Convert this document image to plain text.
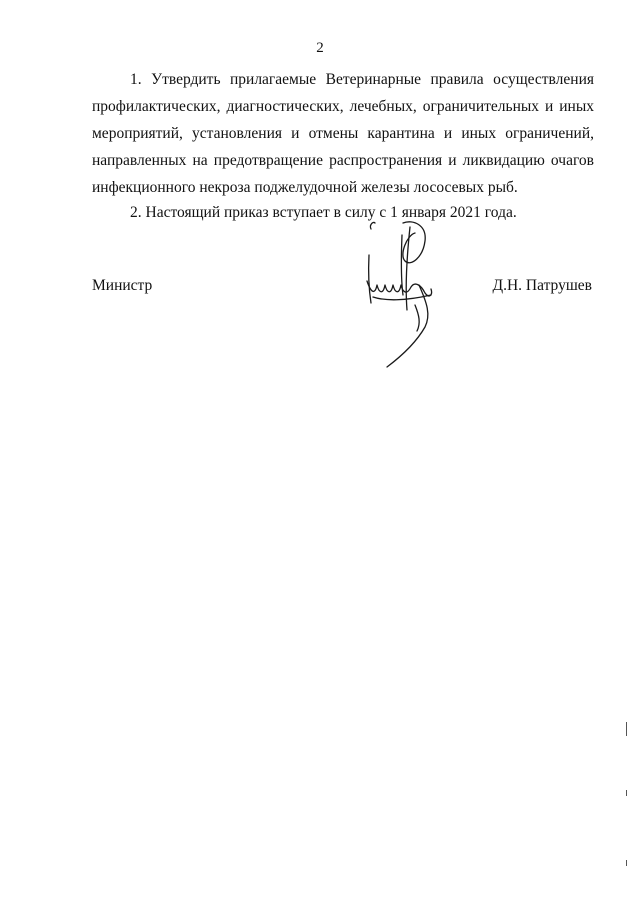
2

1. Утвердить прилагаемые Ветеринарные правила осуществления профилактических, диагностических, лечебных, ограничительных и иных мероприятий, установления и отмены карантина и иных ограничений, направленных на предотвращение распространения и ликвидацию очагов инфекционного некроза поджелудочной железы лососевых рыб.

2. Настоящий приказ вступает в силу с 1 января 2021 года.

Министр	Д.Н. Патрушев
